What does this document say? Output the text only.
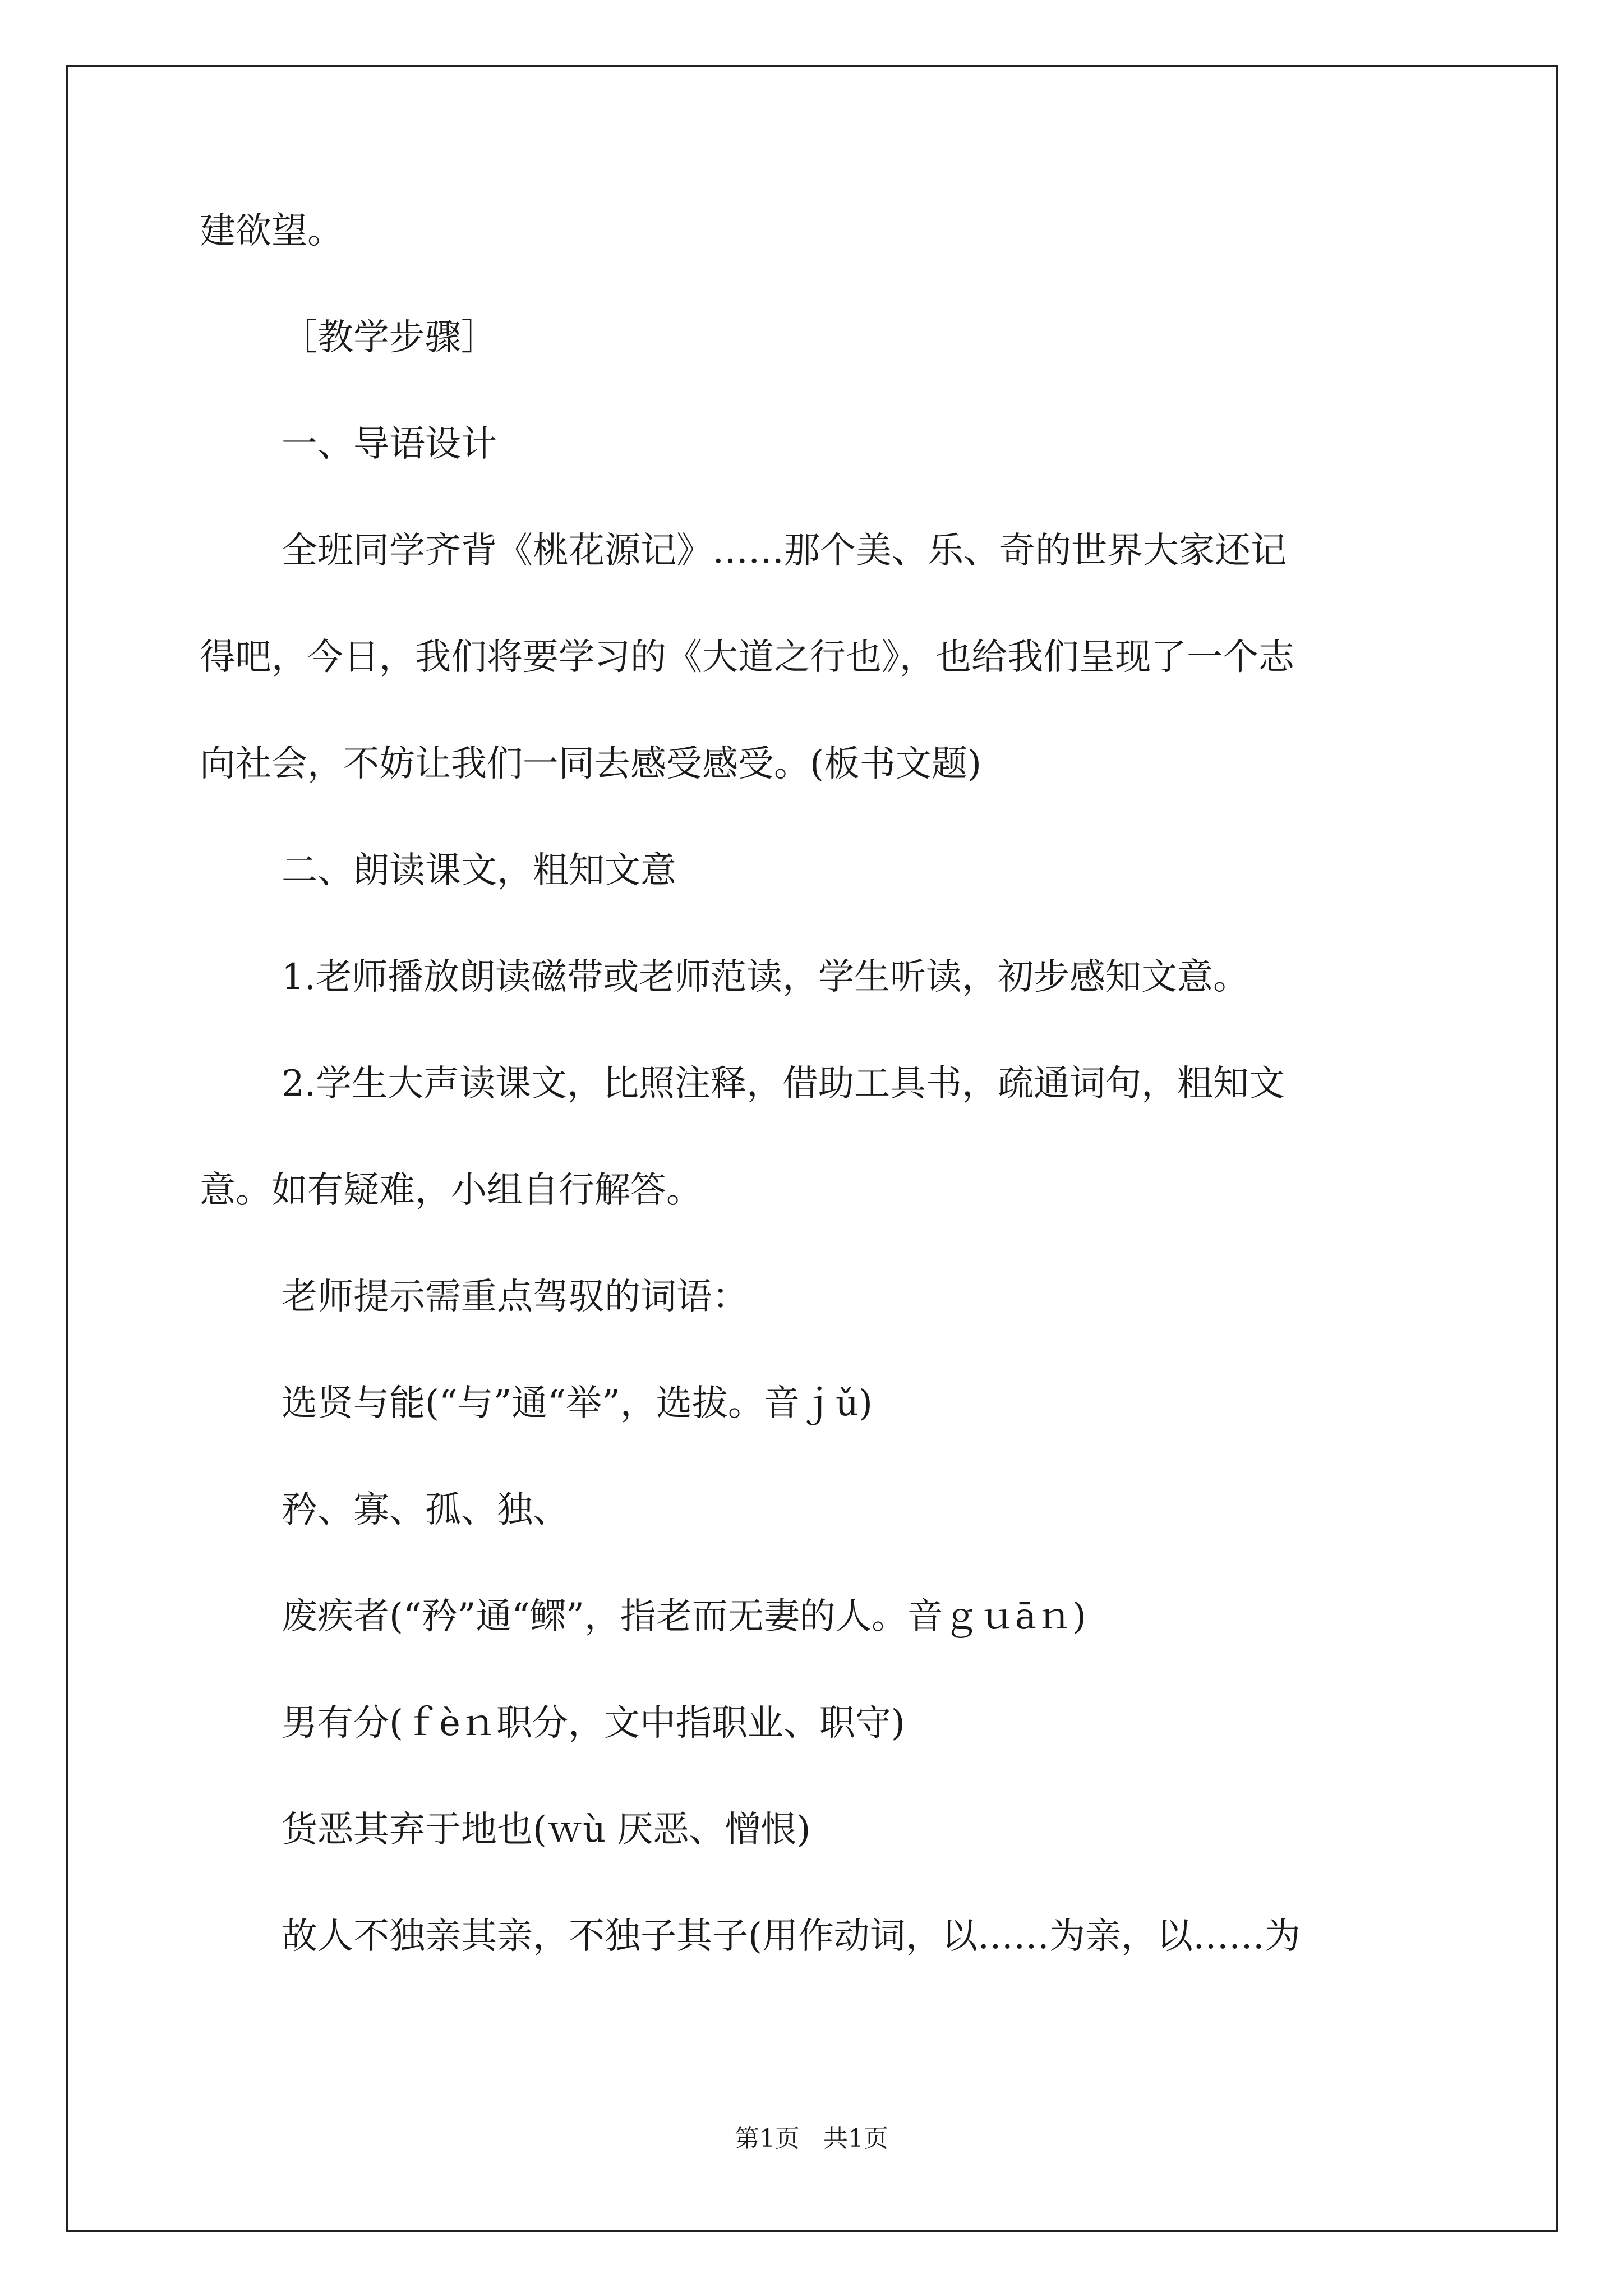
建欲望。
［教学步骤］
一、导语设计
全班同学齐背《桃花源记》……那个美、乐、奇的世界大家还记
得吧，今日，我们将要学习的《大道之行也》，也给我们呈现了一个志
向社会，不妨让我们一同去感受感受。(板书文题)
二、朗读课文，粗知文意
1.老师播放朗读磁带或老师范读，学生听读，初步感知文意。
2.学生大声读课文，比照注释，借助工具书，疏通词句，粗知文
意。如有疑难，小组自行解答。
老师提示需重点驾驭的词语：
选贤与能(“与”通“举”，选拔。音ｊǔ)
矜、寡、孤、独、
废疾者(“矜”通“鳏”，指老而无妻的人。音ｇｕāｎ)
男有分(ｆèｎ职分，文中指职业、职守)
货恶其弃于地也(ｗù 厌恶、憎恨)
故人不独亲其亲，不独子其子(用作动词，以……为亲，以……为
第1页   共1页
